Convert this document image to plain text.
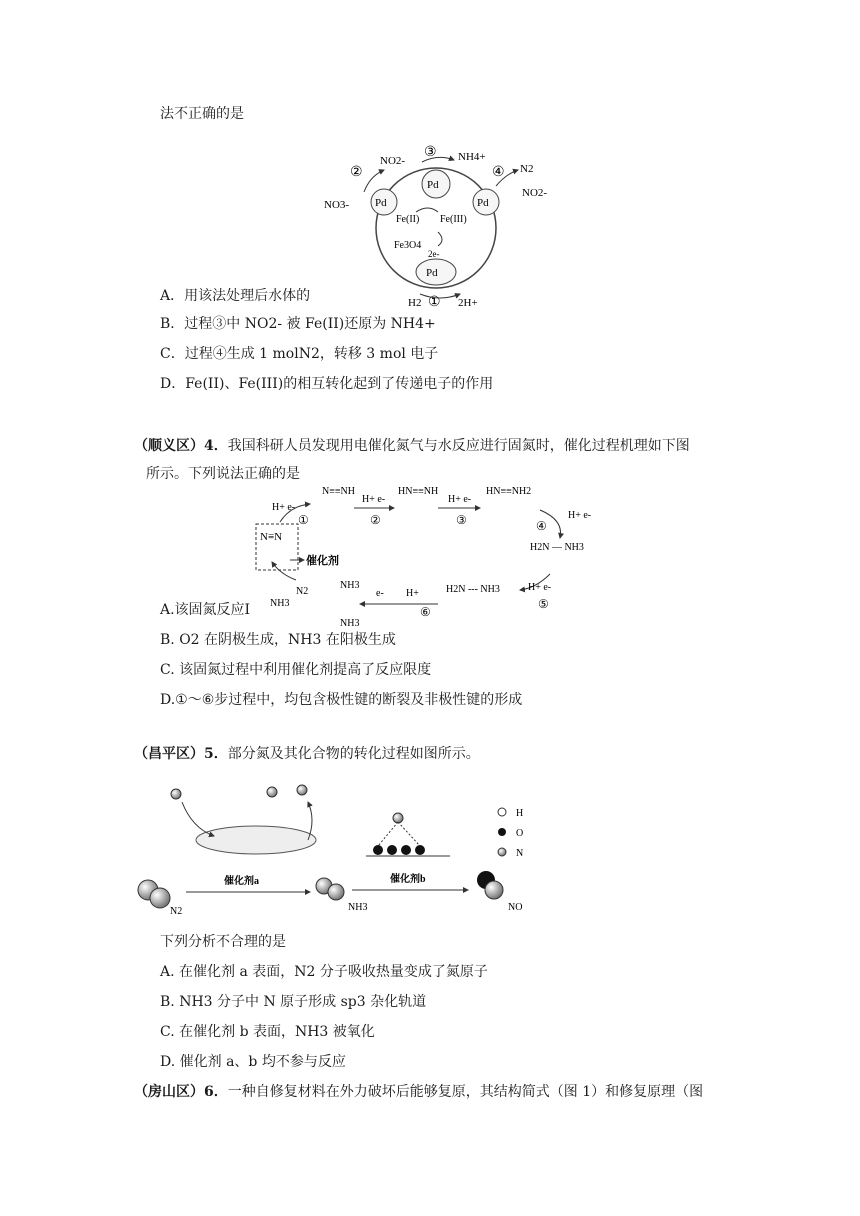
法不正确的是
Pd
Pd	Pd
Pd
Fe(II) Fe(III)
Fe3O4
2e-
NO3-
NO2-	NH4+
N2
NO2-
H2	2H+
②
③
④
①
A．用该法处理后水体的
B．过程③中 NO2- 被 Fe(II)还原为 NH4+
C．过程④生成 1 molN2，转移 3 mol 电子
D．Fe(II)、Fe(III)的相互转化起到了传递电子的作用
（顺义区）4．我国科研人员发现用电催化氮气与水反应进行固氮时，催化过程机理如下图
所示。下列说法正确的是
N≡N
催化剂
N≡≡NH	HN≡≡NH	HN≡≡NH2
H2N — NH3
H2N --- NH3
NH3
NH3
N2
NH3
H+ e-	H+ e-
H+ e-
H+ e-
H+ e-
e- H+
①	②	③	④
⑤
⑥
A.该固氮反应I
B. O2 在阴极生成，NH3 在阳极生成
C. 该固氮过程中利用催化剂提高了反应限度
D.①～⑥步过程中，均包含极性键的断裂及非极性键的形成
（昌平区）5．部分氮及其化合物的转化过程如图所示。
N2
催化剂a
NH3
催化剂b
NO
H
O
N
下列分析不合理的是
A. 在催化剂 a 表面，N2 分子吸收热量变成了氮原子
B. NH3 分子中 N 原子形成 sp3 杂化轨道
C. 在催化剂 b 表面，NH3 被氧化
D. 催化剂 a、b 均不参与反应
（房山区）6．一种自修复材料在外力破坏后能够复原，其结构简式（图 1）和修复原理（图
